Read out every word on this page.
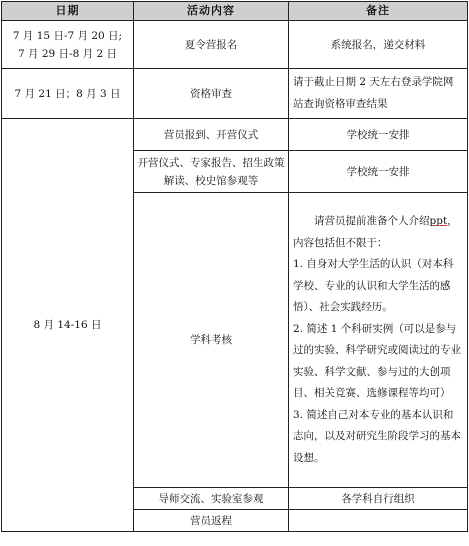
日期	活动内容	备注

7 月 15 日-7 月 20 日;
7 月 29 日-8 月 2 日	夏令营报名	系统报名，递交材料
7 月 21 日；8 月 3 日	资格审查	请于截止日期 2 天左右登录学院网站查询资格审查结果

8 月 14-16 日	营员报到、开营仪式	学校统一安排
	开营仪式、专家报告、招生政策解读、校史馆参观等	学校统一安排
	学科考核	请营员提前准备个人介绍ppt，内容包括但不限于：

1. 自身对大学生活的认识（对本科学校、专业的认识和大学生活的感悟）、社会实践经历。

2. 简述 1 个科研实例（可以是参与过的实验、科学研究或阅读过的专业实验、科学文献、参与过的大创项目、相关竞赛、选修课程等均可）

3. 简述自己对本专业的基本认识和志向，以及对研究生阶段学习的基本设想。

	导师交流、实验室参观	各学科自行组织
	营员返程	
